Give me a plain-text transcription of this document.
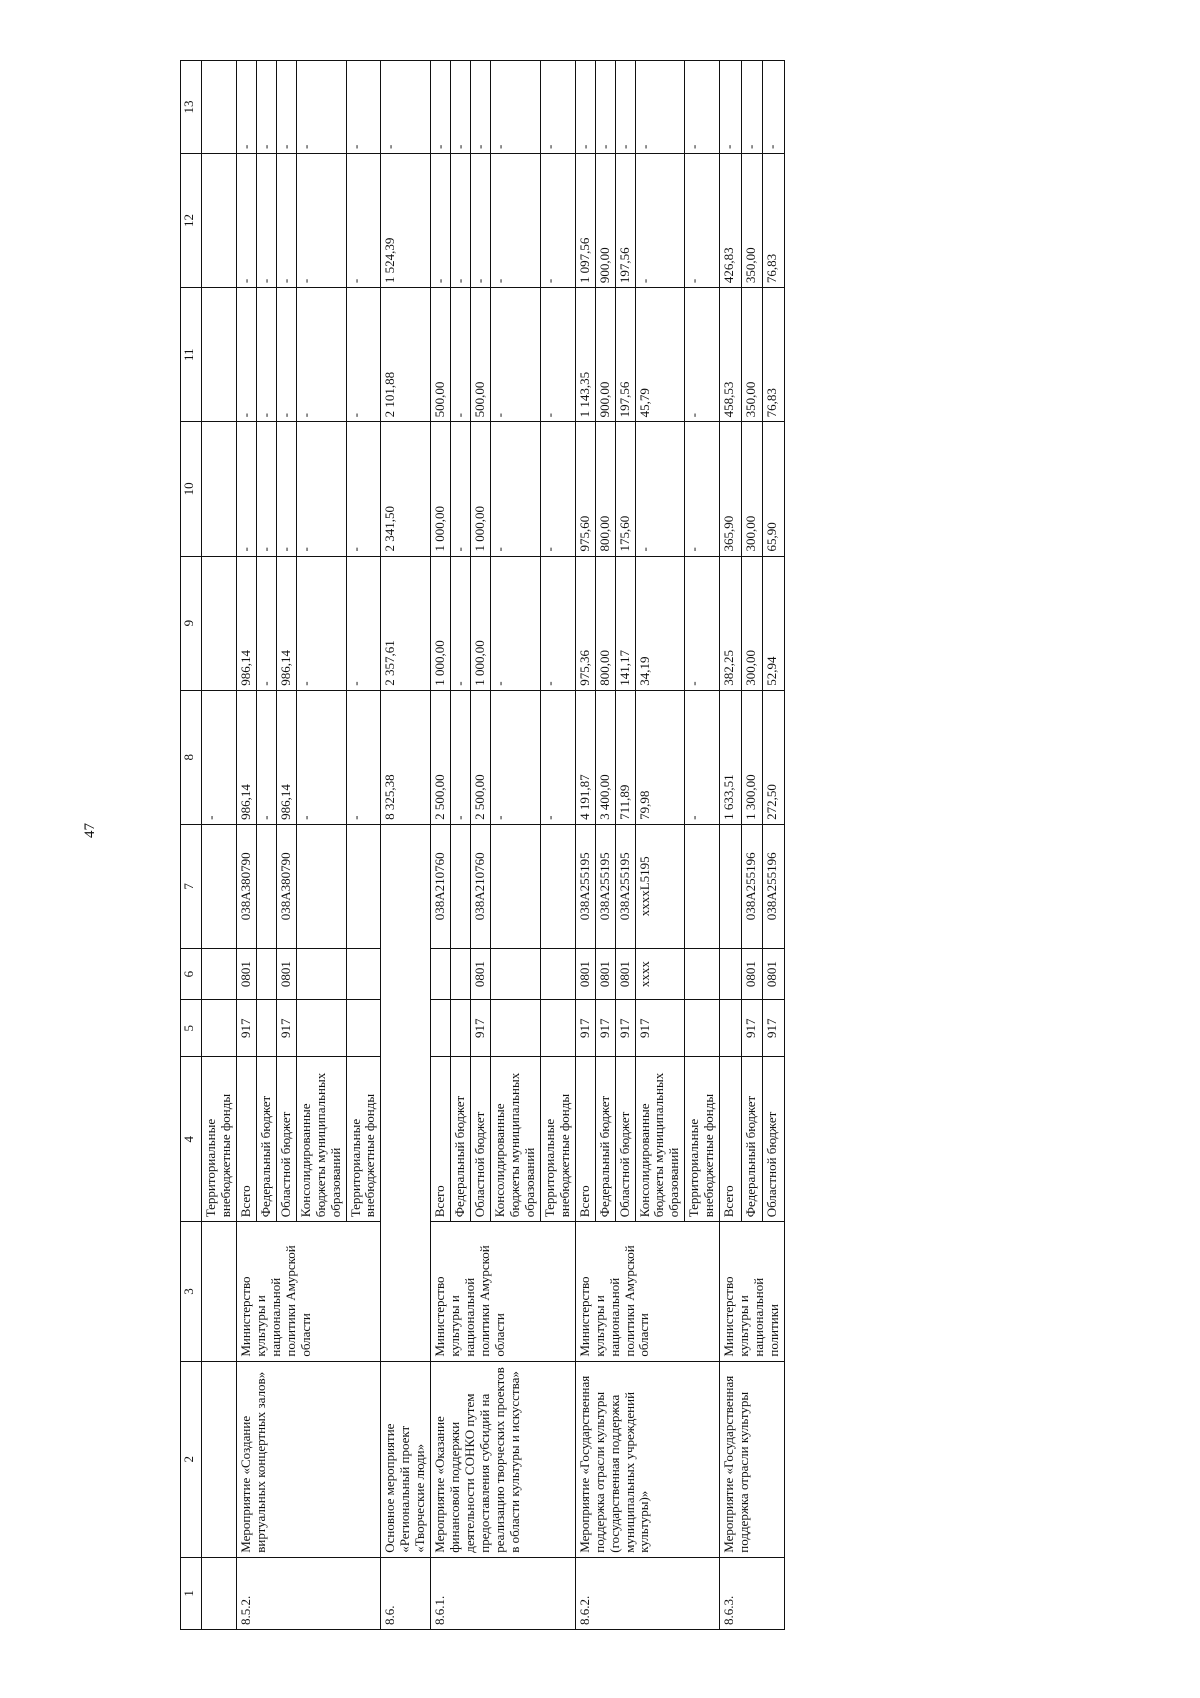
47
1	2	3	4	5	6	7	8	9	10	11	12	13
			Территориальные внебюджетные фонды				-					
8.5.2.	Мероприятие «Создание виртуальных концертных залов»	Министерство культуры и национальной политики Амурской области	Всего	917	0801	038А380790	986,14	986,14	-	-	-	-
			Федеральный бюджет				-	-	-	-	-	-
			Областной бюджет	917	0801	038А380790	986,14	986,14	-	-	-	-
			Консолидированные бюджеты муниципальных образований				-	-	-	-	-	-
			Территориальные внебюджетные фонды				-	-	-	-	-	-
8.6.	Основное мероприятие «Региональный проект «Творческие люди»						8 325,38	2 357,61	2 341,50	2 101,88	1 524,39	-
8.6.1.	Мероприятие «Оказание финансовой поддержки деятельности СОНКО путем предоставления субсидий на реализацию творческих проектов в области культуры и искусства»	Министерство культуры и национальной политики Амурской области	Всего			038А210760	2 500,00	1 000,00	1 000,00	500,00	-	-
			Федеральный бюджет				-	-	-	-	-	-
			Областной бюджет	917	0801	038А210760	2 500,00	1 000,00	1 000,00	500,00	-	-
			Консолидированные бюджеты муниципальных образований				-	-	-	-	-	-
			Территориальные внебюджетные фонды				-	-	-	-	-	-
8.6.2.	Мероприятие «Государственная поддержка отрасли культуры (государственная поддержка муниципальных учреждений культуры)»	Министерство культуры и национальной политики Амурской области	Всего	917	0801	038А255195	4 191,87	975,36	975,60	1 143,35	1 097,56	-
			Федеральный бюджет	917	0801	038А255195	3 400,00	800,00	800,00	900,00	900,00	-
			Областной бюджет	917	0801	038А255195	711,89	141,17	175,60	197,56	197,56	-
			Консолидированные бюджеты муниципальных образований	917	хххх	ххххL5195	79,98	34,19	-	45,79	-	-
			Территориальные внебюджетные фонды				-	-	-	-	-	-
8.6.3.	Мероприятие «Государственная поддержка отрасли культуры	Министерство культуры и национальной политики	Всего				1 633,51	382,25	365,90	458,53	426,83	-
			Федеральный бюджет	917	0801	038А255196	1 300,00	300,00	300,00	350,00	350,00	-
			Областной бюджет	917	0801	038А255196	272,50	52,94	65,90	76,83	76,83	-
